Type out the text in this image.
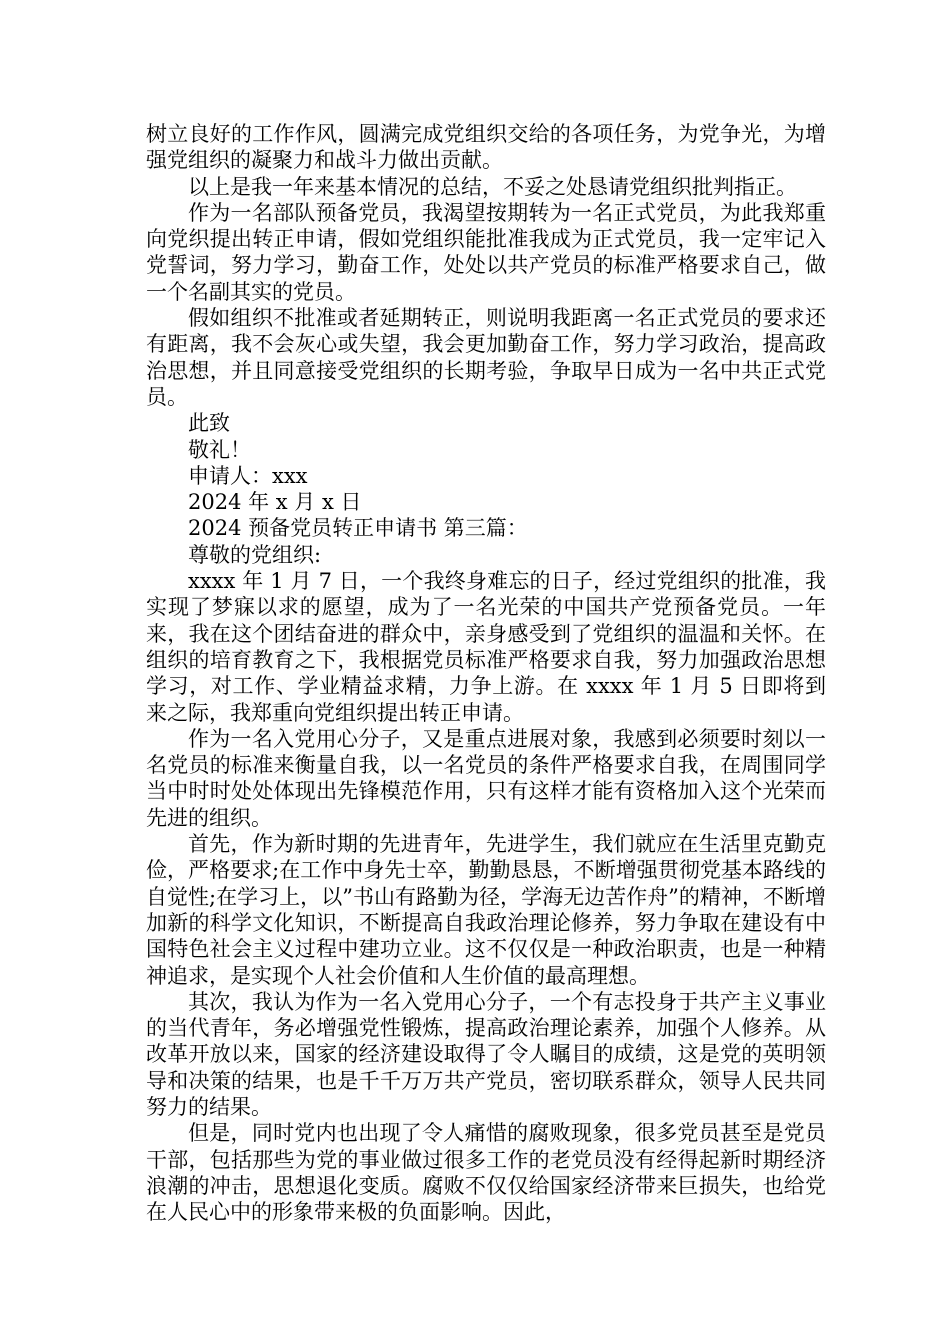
树立良好的工作作风，圆满完成党组织交给的各项任务，为党争光，为增强党组织的凝聚力和战斗力做出贡献。

以上是我一年来基本情况的总结，不妥之处恳请党组织批判指正。

作为一名部队预备党员，我渴望按期转为一名正式党员，为此我郑重向党织提出转正申请，假如党组织能批准我成为正式党员，我一定牢记入党誓词，努力学习，勤奋工作，处处以共产党员的标准严格要求自己，做一个名副其实的党员。

假如组织不批准或者延期转正，则说明我距离一名正式党员的要求还有距离，我不会灰心或失望，我会更加勤奋工作，努力学习政治，提高政治思想，并且同意接受党组织的长期考验，争取早日成为一名中共正式党员。

此致

敬礼！

申请人：xxx

2024 年 x 月 x 日

2024 预备党员转正申请书 第三篇：

尊敬的党组织:

xxxx 年 1 月 7 日，一个我终身难忘的日子，经过党组织的批准，我实现了梦寐以求的愿望，成为了一名光荣的中国共产党预备党员。一年来，我在这个团结奋进的群众中，亲身感受到了党组织的温温和关怀。在组织的培育教育之下，我根据党员标准严格要求自我，努力加强政治思想学习，对工作、学业精益求精，力争上游。在 xxxx 年 1 月 5 日即将到来之际，我郑重向党组织提出转正申请。

作为一名入党用心分子，又是重点进展对象，我感到必须要时刻以一名党员的标准来衡量自我，以一名党员的条件严格要求自我，在周围同学当中时时处处体现出先锋模范作用，只有这样才能有资格加入这个光荣而先进的组织。

首先，作为新时期的先进青年，先进学生，我们就应在生活里克勤克俭，严格要求;在工作中身先士卒，勤勤恳恳，不断增强贯彻党基本路线的自觉性;在学习上，以”书山有路勤为径，学海无边苦作舟”的精神，不断增加新的科学文化知识，不断提高自我政治理论修养，努力争取在建设有中国特色社会主义过程中建功立业。这不仅仅是一种政治职责，也是一种精神追求，是实现个人社会价值和人生价值的最高理想。

其次，我认为作为一名入党用心分子，一个有志投身于共产主义事业的当代青年，务必增强党性锻炼，提高政治理论素养，加强个人修养。从改革开放以来，国家的经济建设取得了令人瞩目的成绩，这是党的英明领导和决策的结果，也是千千万万共产党员，密切联系群众，领导人民共同努力的结果。

但是，同时党内也出现了令人痛惜的腐败现象，很多党员甚至是党员干部，包括那些为党的事业做过很多工作的老党员没有经得起新时期经济浪潮的冲击，思想退化变质。腐败不仅仅给国家经济带来巨损失，也给党在人民心中的形象带来极的负面影响。因此，
